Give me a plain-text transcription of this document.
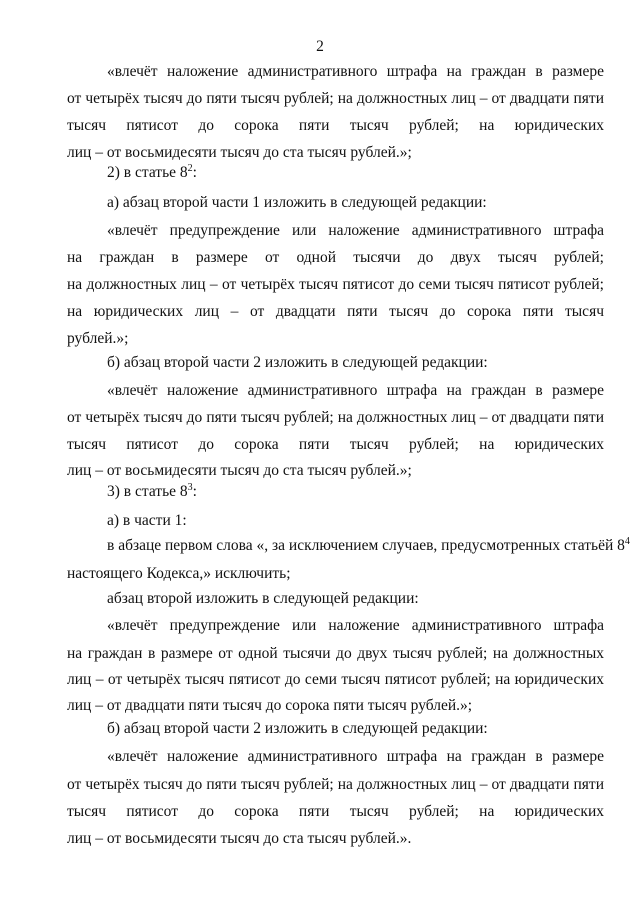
2
«влечёт наложение административного штрафа на граждан в размере
от четырёх тысяч до пяти тысяч рублей; на должностных лиц – от двадцати пяти
тысяч пятисот до сорока пяти тысяч рублей; на юридических
лиц – от восьмидесяти тысяч до ста тысяч рублей.»;
2) в статье $8^2$:
а) абзац второй части 1 изложить в следующей редакции:
«влечёт предупреждение или наложение административного штрафа
на граждан в размере от одной тысячи до двух тысяч рублей;
на должностных лиц – от четырёх тысяч пятисот до семи тысяч пятисот рублей;
на юридических лиц – от двадцати пяти тысяч до сорока пяти тысяч
рублей.»;
б) абзац второй части 2 изложить в следующей редакции:
«влечёт наложение административного штрафа на граждан в размере
от четырёх тысяч до пяти тысяч рублей; на должностных лиц – от двадцати пяти
тысяч пятисот до сорока пяти тысяч рублей; на юридических
лиц – от восьмидесяти тысяч до ста тысяч рублей.»;
3) в статье $8^3$:
а) в части 1:
в абзаце первом слова «, за исключением случаев, предусмотренных статьёй $8^4$
настоящего Кодекса,» исключить;
абзац второй изложить в следующей редакции:
«влечёт предупреждение или наложение административного штрафа
на граждан в размере от одной тысячи до двух тысяч рублей; на должностных
лиц – от четырёх тысяч пятисот до семи тысяч пятисот рублей; на юридических
лиц – от двадцати пяти тысяч до сорока пяти тысяч рублей.»;
б) абзац второй части 2 изложить в следующей редакции:
«влечёт наложение административного штрафа на граждан в размере
от четырёх тысяч до пяти тысяч рублей; на должностных лиц – от двадцати пяти
тысяч пятисот до сорока пяти тысяч рублей; на юридических
лиц – от восьмидесяти тысяч до ста тысяч рублей.».
